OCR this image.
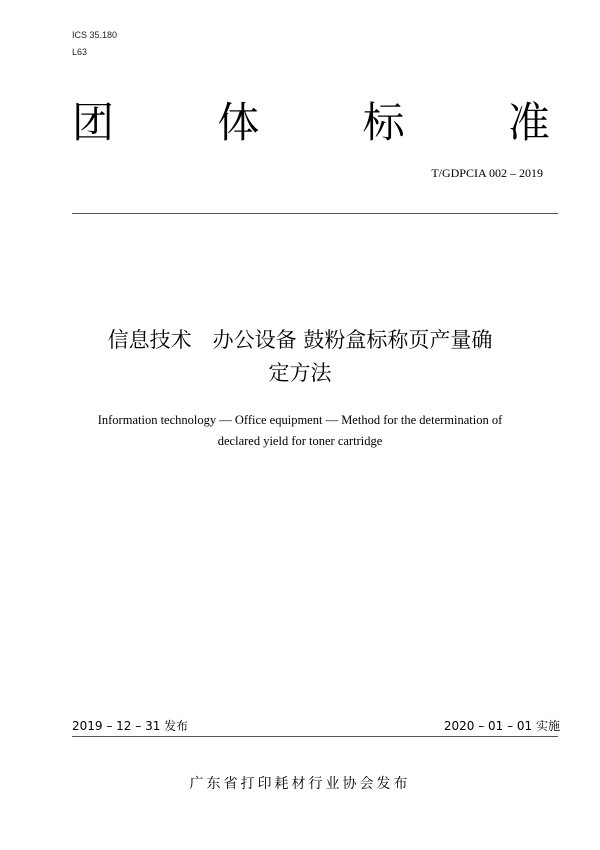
ICS 35.180
L63
团 体 标 准
T/GDPCIA 002 – 2019
信息技术　办公设备 鼓粉盒标称页产量确
定方法
Information technology — Office equipment — Method for the determination of
declared yield for toner cartridge
2019 – 12 – 31 发布	2020 – 01 – 01 实施
广东省打印耗材行业协会发布
